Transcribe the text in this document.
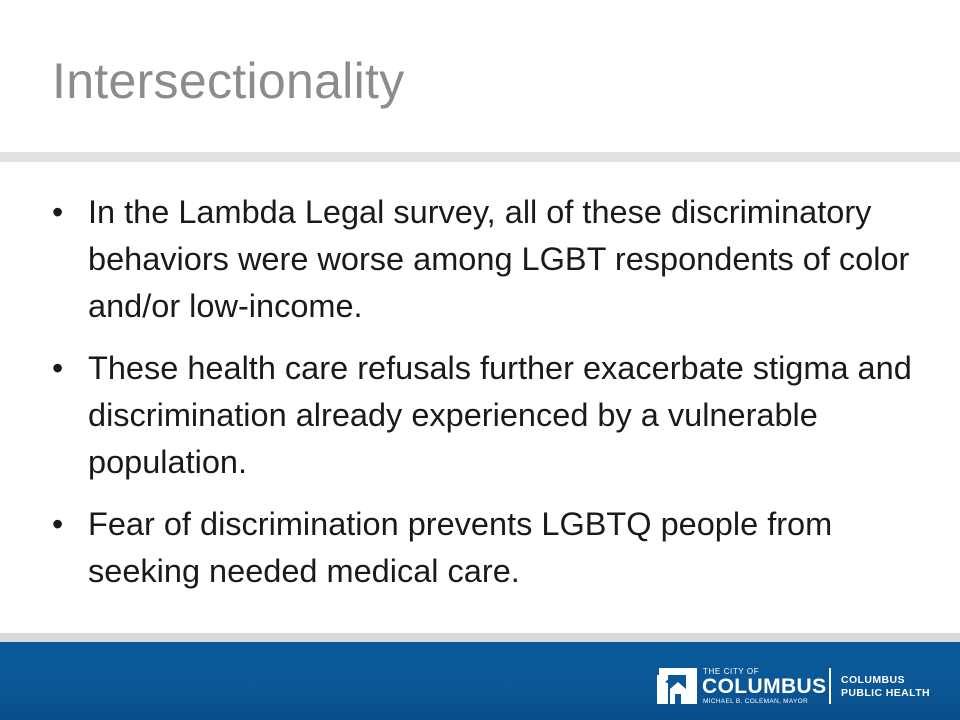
Intersectionality
• In the Lambda Legal survey, all of these discriminatory behaviors were worse among LGBT respondents of color and/or low-income.
• These health care refusals further exacerbate stigma and discrimination already experienced by a vulnerable population.
• Fear of discrimination prevents LGBTQ people from seeking needed medical care.
THE CITY OF
COLUMBUS
MICHAEL B. COLEMAN, MAYOR
COLUMBUS
PUBLIC HEALTH
